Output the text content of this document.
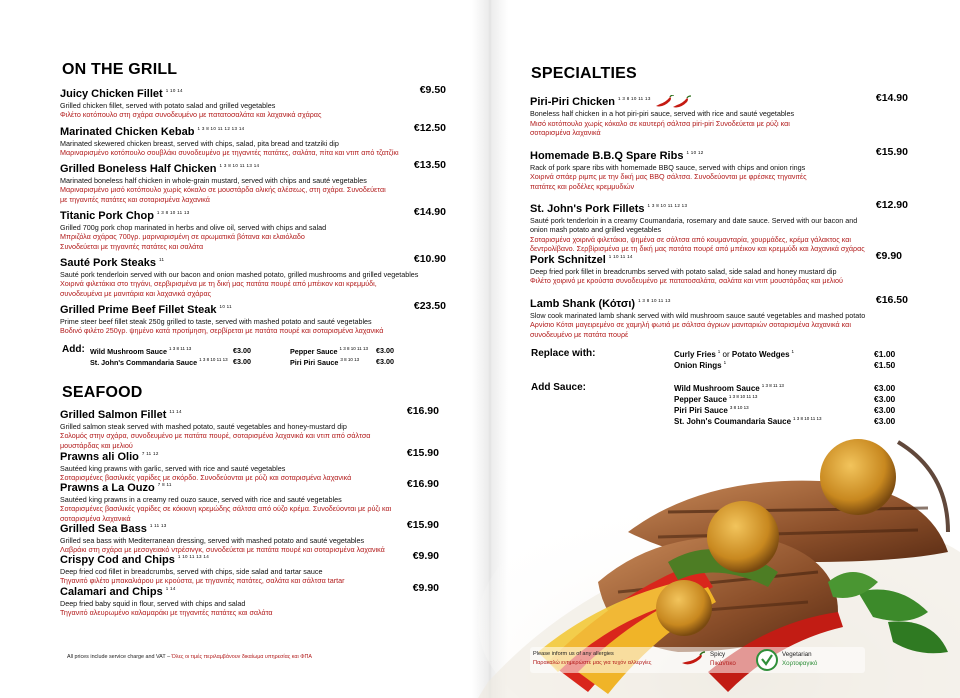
ON THE GRILL
Juicy Chicken Fillet $^{1 10 14}$	€9.50
Grilled chicken fillet, served with potato salad and grilled vegetables
Φιλέτο κοτόπουλο στη σχάρα συνοδευμένο με πατατοσαλάτα και λαχανικά σχάρας
Marinated Chicken Kebab $^{1 3 8 10 11 12 13 14}$	€12.50
Marinated skewered chicken breast, served with chips, salad, pita bread and tzatziki dip
Μαριναρισμένο κοτόπουλο σουβλάκι συνοδευμένο με τηγανιτές πατάτες, σαλάτα, πίτα και ντιπ από τζατζίκι
Grilled Boneless Half Chicken $^{1 3 8 10 11 13 14}$	€13.50
Marinated boneless half chicken in whole-grain mustard, served with chips and sauté vegetables
Μαριναρισμένο μισό κοτόπουλο χωρίς κόκαλο σε μουστάρδα ολικής αλέσεως, στη σχάρα. Συνοδεύεται με τηγανιτές πατάτες και σοταρισμένα λαχανικά
Titanic Pork Chop $^{1 3 8 10 11 13}$	€14.90
Grilled 700g pork chop marinated in herbs and olive oil, served with chips and salad
Μπριζόλα σχάρας 700γρ. μαριναρισμένη σε αρωματικά βότανα και ελαιόλαδο Συνοδεύεται με τηγανιτές πατάτες και σαλάτα
Sauté Pork Steaks $^{11}$	€10.90
Sauté pork tenderloin served with our bacon and onion mashed potato, grilled mushrooms and grilled vegetables
Χοιρινά φιλετάκια στο τηγάνι, σερβιρισμένα με τη δική μας πατάτα πουρέ από μπέικον και κρεμμύδι, συνοδευμένα με μανιτάρια και λαχανικά σχάρας
Grilled Prime Beef Fillet Steak $^{10 11}$	€23.50
Prime steer beef fillet steak 250g grilled to taste, served with mashed potato and sauté vegetables
Βοδινό φιλέτο 250γρ. ψημένο κατά προτίμηση, σερβίρεται με πατάτα πουρέ και σοταρισμένα λαχανικά
Add: Wild Mushroom Sauce $^{1 3 8 11 13}$	€3.00
St. John's Commandaria Sauce $^{1 3 8 10 11 13}$ €3.00
Pepper Sauce $^{1 3 8 10 11 13}$ €3.00
Piri Piri Sauce $^{3 8 10 13}$ €3.00
SEAFOOD
Grilled Salmon Fillet $^{11 14}$	€16.90
Grilled salmon steak served with mashed potato, sauté vegetables and honey-mustard dip
Σολομός στην σχάρα, συνοδευμένο με πατάτα πουρέ, σοταρισμένα λαχανικά και ντιπ από σάλτσα μουστάρδας και μελιού
Prawns ali Olio $^{7 11 12}$	€15.90
Sautéed king prawns with garlic, served with rice and sauté vegetables
Σοταρισμένες βασιλικές γαρίδες με σκόρδο. Συνοδεύονται με ρύζι και σοταρισμένα λαχανικά
Prawns a La Ouzo $^{7 8 11}$	€16.90
Sautéed king prawns in a creamy red ouzo sauce, served with rice and sauté vegetables
Σοταρισμένες βασιλικές γαρίδες σε κόκκινη κρεμώδης σάλτσα από ούζο κρέμα. Συνοδεύονται με ρύζι και σοταρισμένα λαχανικά
Grilled Sea Bass $^{1 11 13}$	€15.90
Grilled sea bass with Mediterranean dressing, served with mashed potato and sauté vegetables
Λαβράκι στη σχάρα με μεσογειακό ντρέσινγκ, συνοδεύεται με πατάτα πουρέ και σοταρισμένα λαχανικά
Crispy Cod and Chips $^{1 10 11 13 14}$	€9.90
Deep fried cod fillet in breadcrumbs, served with chips, side salad and tartar sauce
Τηγανιτό φιλέτο μπακαλιάρου με κρούστα, με τηγανιτές πατάτες, σαλάτα και σάλτσα tartar
Calamari and Chips $^{1 14}$	€9.90
Deep fried baby squid in flour, served with chips and salad
Τηγανιτό αλευρωμένο καλαμαράκι με τηγανιτές πατάτες και σαλάτα
All prices include service charge and VAT – Όλες οι τιμές περιλαμβάνουν δικαίωμα υπηρεσίας και ΦΠΑ	Please inform us of any allergies
Παρακαλώ ενημερώστε μας για τυχόν αλλεργίες
Spicy
Πικάντικο
Vegetarian
Χορτοφαγικό
SPECIALTIES
Piri-Piri Chicken $^{1 3 8 10 11 13}$	€14.90
Boneless half chicken in a hot piri-piri sauce, served with rice and sauté vegetables
Μισό κοτόπουλο χωρίς κόκαλο σε καυτερή σάλτσα piri-piri Συνοδεύεται με ρύζι και σοταρισμένα λαχανικά
Homemade B.B.Q Spare Ribs $^{1 10 12}$	€15.90
Rack of pork spare ribs with homemade BBQ sauce, served with chips and onion rings
Χοιρινά σπάερ ριμπς με την δική μας BBQ σάλτσα. Συνοδεύονται με φρέσκες τηγανιτές πατάτες και ροδέλες κρεμμυδιών
St. John's Pork Fillets $^{1 3 8 10 11 12 13}$	€12.90
Sauté pork tenderloin in a creamy Coumandaria, rosemary and date sauce. Served with our bacon and onion mash potato and grilled vegetables
Σοταρισμένα χοιρινά φιλετάκια, ψημένα σε σάλτσα από κουμανταρία, χουρμάδες, κρέμα γάλακτος και δεντρολίβανο. Σερβίρισμένα με τη δική μας πατάτα πουρέ από μπέικον και κρεμμύδι και λαχανικά σχάρας
Pork Schnitzel $^{1 10 11 14}$	€9.90
Deep fried pork fillet in breadcrumbs served with potato salad, side salad and honey mustard dip
Φιλέτο χοιρινό με κρούστα συνοδευμένο με πατατοσαλάτα, σαλάτα και ντιπ μουστάρδας και μελιού
Lamb Shank (Κότσι) $^{1 3 8 10 11 13}$	€16.50
Slow cook marinated lamb shank served with wild mushroom sauce sauté vegetables and mashed potato
Αρνίσιο Κότσι μαγειρεμένο σε χαμηλή φωτιά με σάλτσα άγριων μανιταριών σοταρισμένα λαχανικά και συνοδευμένο με πατάτα πουρέ
Replace with:	Curly Fries $^1$ or Potato Wedges $^1$	€1.00
Onion Rings $^1$	€1.50
Add Sauce:	Wild Mushroom Sauce $^{1 3 8 11 13}$	€3.00
Pepper Sauce $^{1 3 8 10 11 13}$	€3.00
Piri Piri Sauce $^{3 8 10 13}$	€3.00
St. John's Coumandaria Sauce $^{1 3 8 10 11 13}$	€3.00
